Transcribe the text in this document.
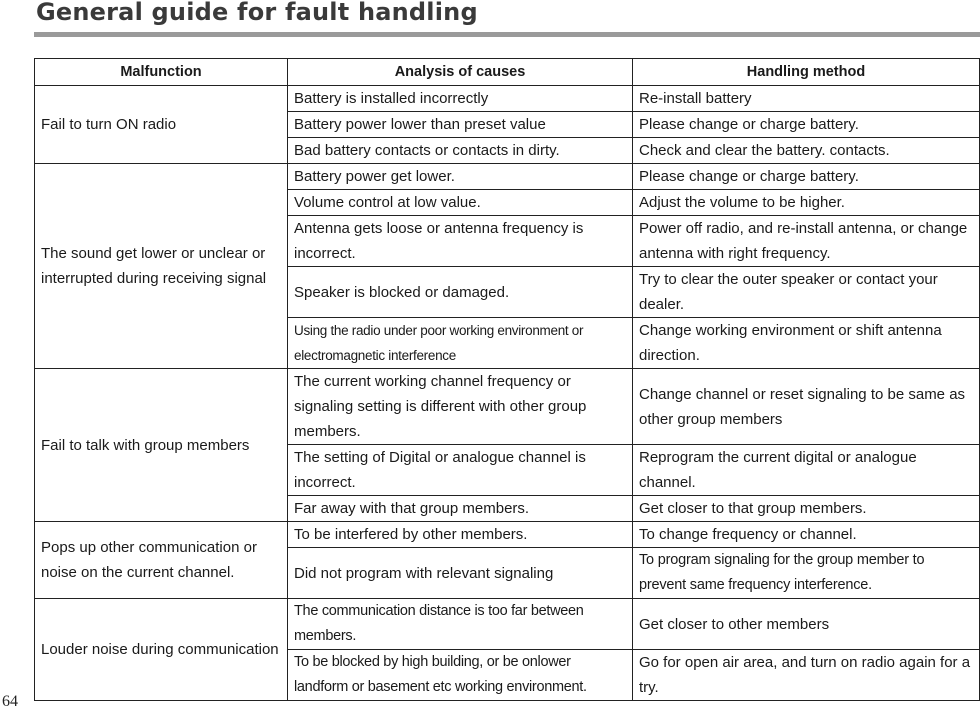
General guide for fault handling
Malfunction	Analysis of causes	Handling method
Fail to turn ON radio	Battery is installed incorrectly	Re-install battery
	Battery power lower than preset value	Please change or charge battery.
	Bad battery contacts or contacts in dirty.	Check and clear the battery. contacts.
The sound get lower or unclear or interrupted during receiving signal	Battery power get lower.	Please change or charge battery.
	Volume control at low value.	Adjust the volume to be higher.
	Antenna gets loose or antenna frequency is incorrect.	Power off radio, and re-install antenna, or change antenna with right frequency.
	Speaker is blocked or damaged.	Try to clear the outer speaker or contact your dealer.
	Using the radio under poor working environment or electromagnetic interference	Change working environment or shift antenna direction.
Fail to talk with group members	The current working channel frequency or signaling setting is different with other group members.	Change channel or reset signaling to be same as other group members
	The setting of Digital or analogue channel is incorrect.	Reprogram the current digital or analogue channel.
	Far away with that group members.	Get closer to that group members.
Pops up other communication or noise on the current channel.	To be interfered by other members.	To change frequency or channel.
	Did not program with relevant signaling	To program signaling for the group member to prevent same frequency interference.
Louder noise during communication	The communication distance is too far between members.	Get closer to other members
	To be blocked by high building, or be onlower landform or basement etc working environment.	Go for open air area, and turn on radio again for a try.
64
